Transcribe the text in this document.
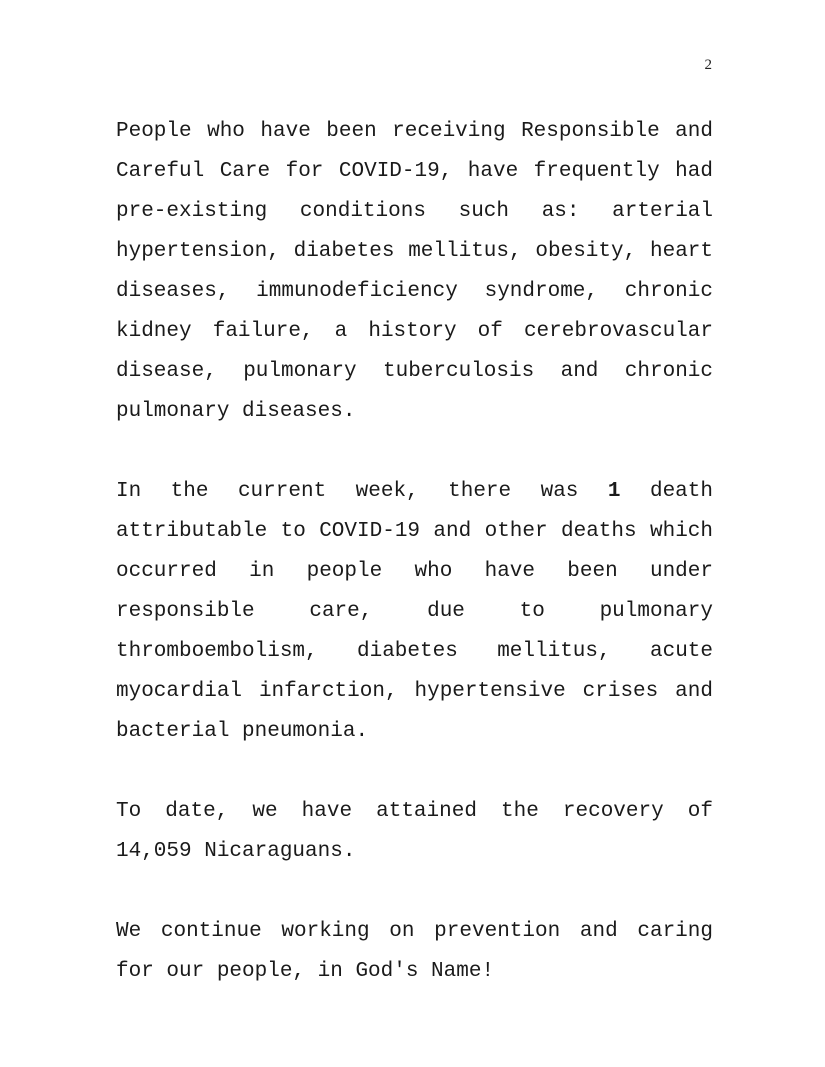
2

People who have been receiving Responsible and Careful Care for COVID-19, have frequently had pre-existing conditions such as: arterial hypertension, diabetes mellitus, obesity, heart diseases, immunodeficiency syndrome, chronic kidney failure, a history of cerebrovascular disease, pulmonary tuberculosis and chronic pulmonary diseases.

In the current week, there was 1 death attributable to COVID-19 and other deaths which occurred in people who have been under responsible care, due to pulmonary thromboembolism, diabetes mellitus, acute myocardial infarction, hypertensive crises and bacterial pneumonia.

To date, we have attained the recovery of 14,059 Nicaraguans.

We continue working on prevention and caring for our people, in God's Name!
